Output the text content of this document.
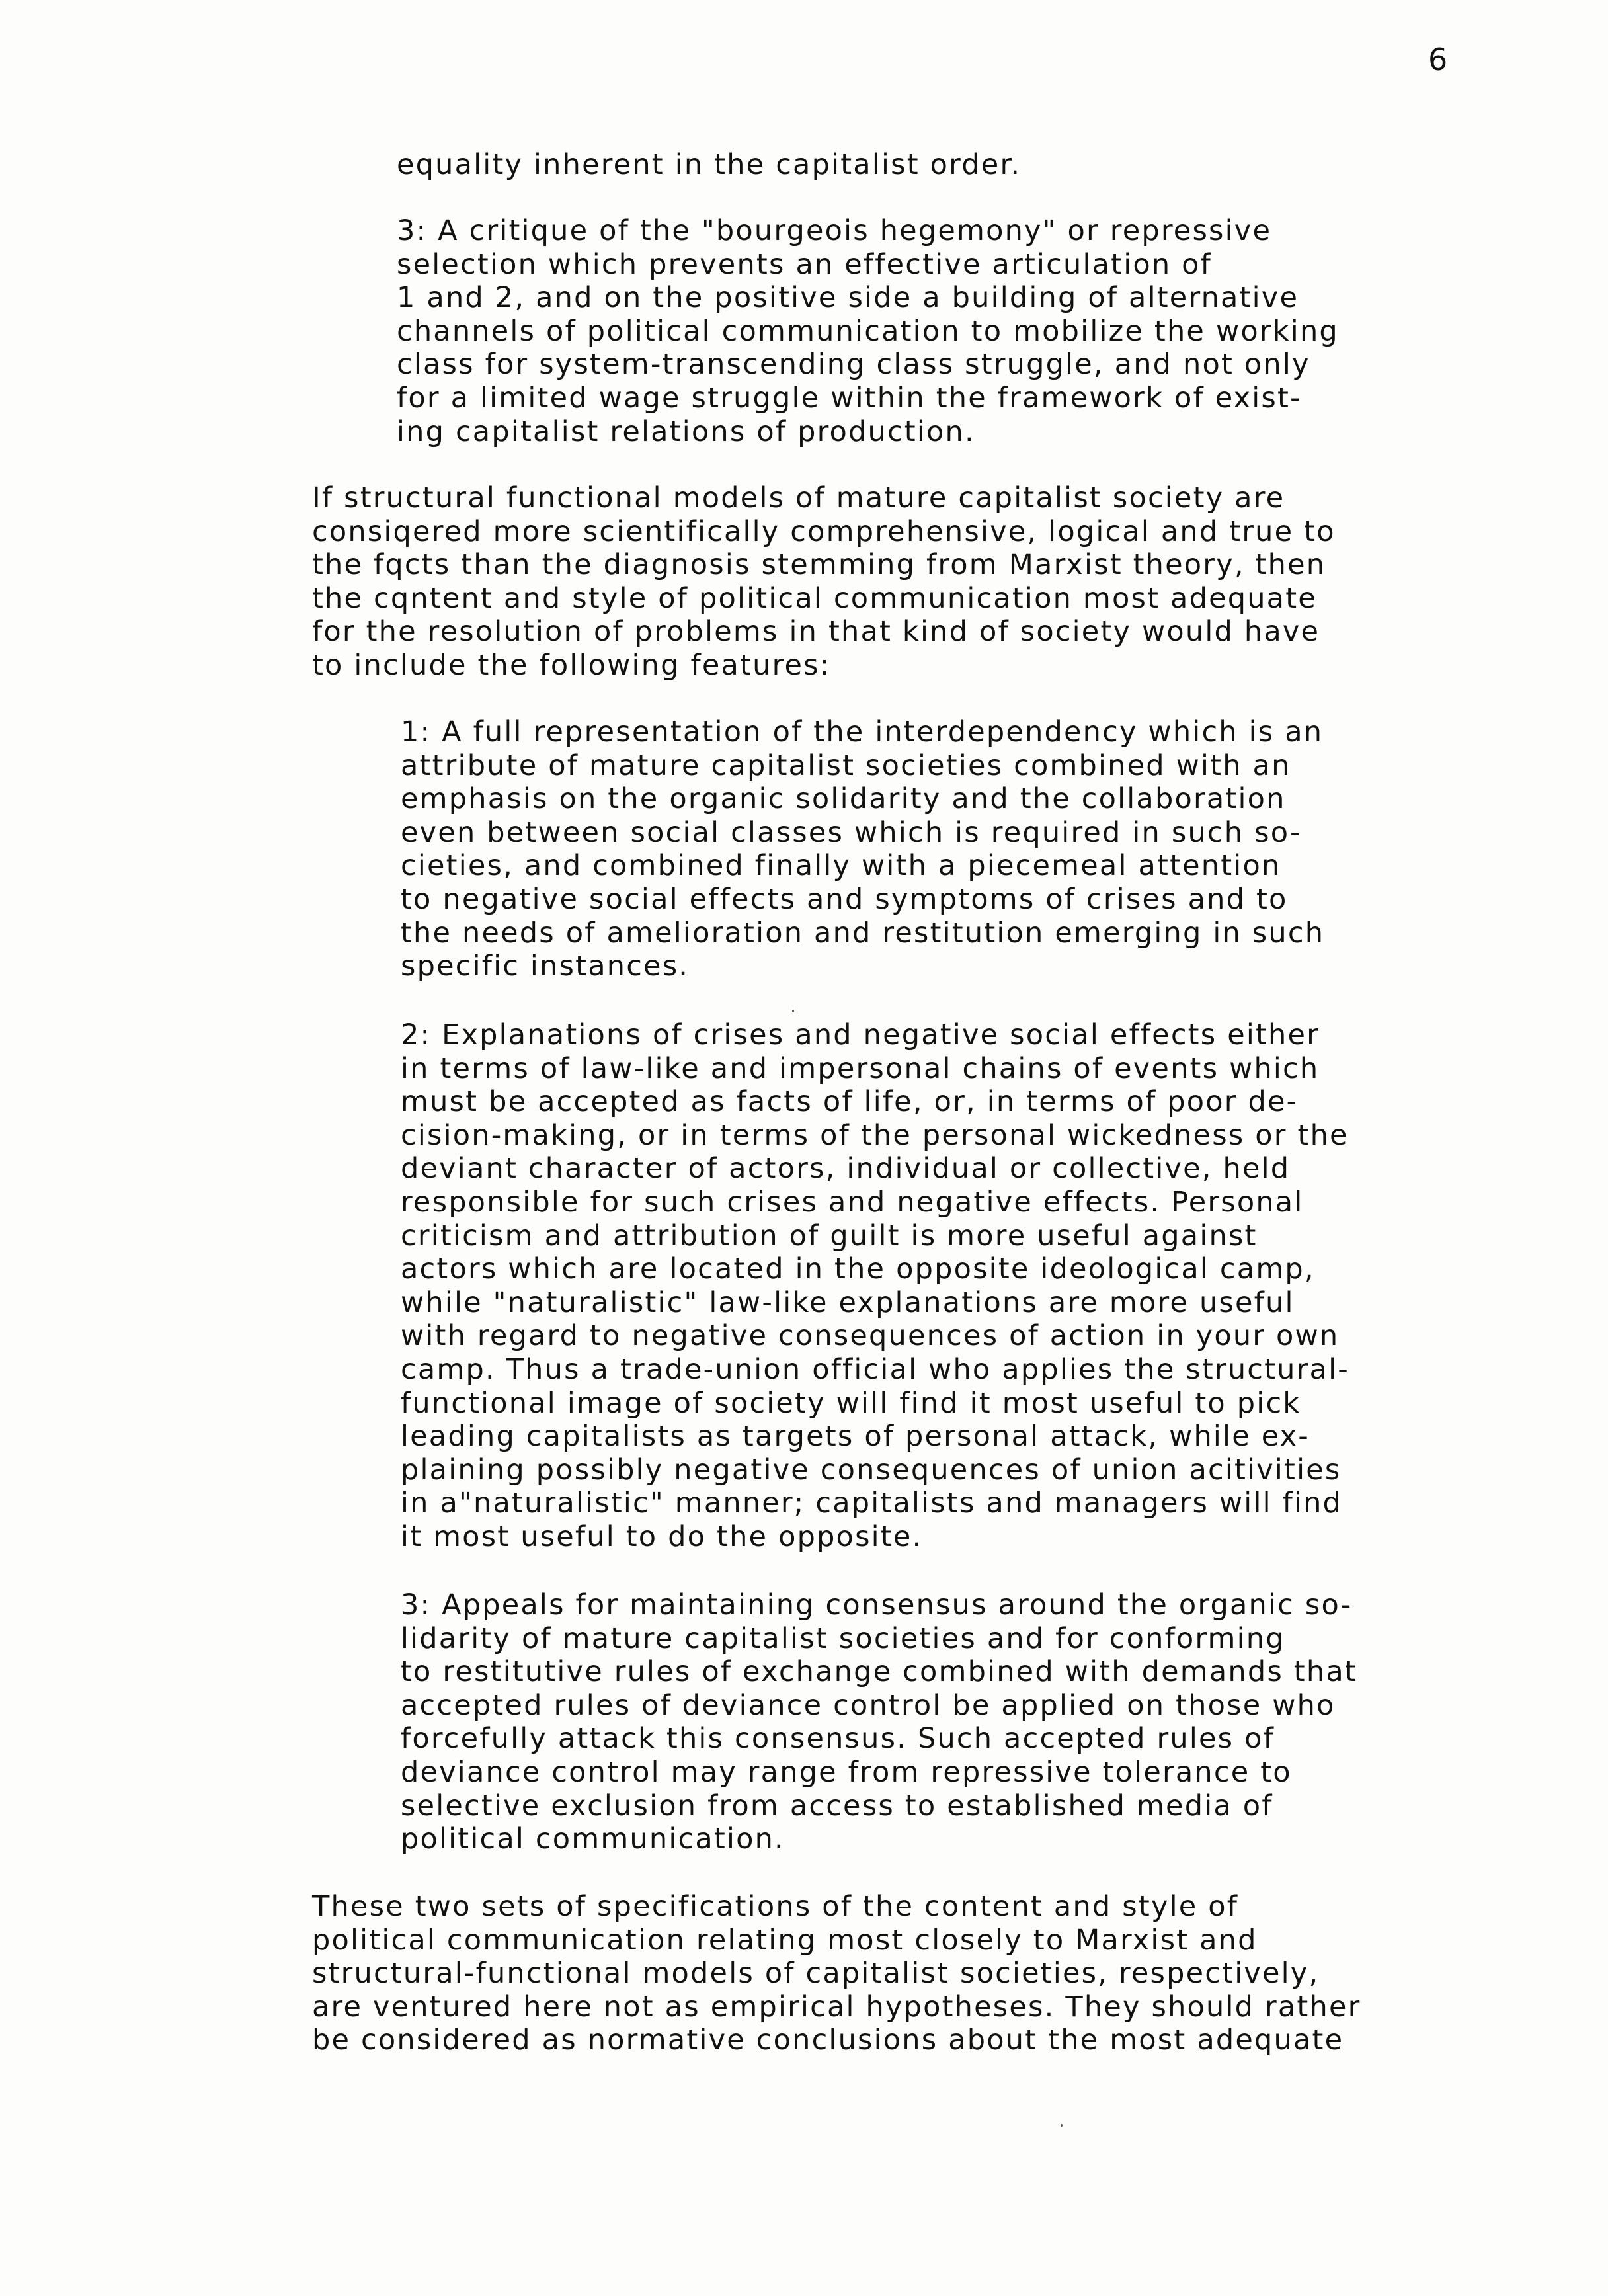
6

equality inherent in the capitalist order.

3: A critique of the "bourgeois hegemony" or repressive
selection which prevents an effective articulation of
1 and 2, and on the positive side a building of alternative
channels of political communication to mobilize the working
class for system-transcending class struggle, and not only
for a limited wage struggle within the framework of exist-
ing capitalist relations of production.

If structural functional models of mature capitalist society are
consiqered more scientifically comprehensive, logical and true to
the fqcts than the diagnosis stemming from Marxist theory, then
the cqntent and style of political communication most adequate
for the resolution of problems in that kind of society would have
to include the following features:

1: A full representation of the interdependency which is an
attribute of mature capitalist societies combined with an
emphasis on the organic solidarity and the collaboration
even between social classes which is required in such so-
cieties, and combined finally with a piecemeal attention
to negative social effects and symptoms of crises and to
the needs of amelioration and restitution emerging in such
specific instances.

2: Explanations of crises and negative social effects either
in terms of law-like and impersonal chains of events which
must be accepted as facts of life, or, in terms of poor de-
cision-making, or in terms of the personal wickedness or the
deviant character of actors, individual or collective, held
responsible for such crises and negative effects. Personal
criticism and attribution of guilt is more useful against
actors which are located in the opposite ideological camp,
while "naturalistic" law-like explanations are more useful
with regard to negative consequences of action in your own
camp. Thus a trade-union official who applies the structural-
functional image of society will find it most useful to pick
leading capitalists as targets of personal attack, while ex-
plaining possibly negative consequences of union acitivities
in a"naturalistic" manner; capitalists and managers will find
it most useful to do the opposite.

3: Appeals for maintaining consensus around the organic so-
lidarity of mature capitalist societies and for conforming
to restitutive rules of exchange combined with demands that
accepted rules of deviance control be applied on those who
forcefully attack this consensus. Such accepted rules of
deviance control may range from repressive tolerance to
selective exclusion from access to established media of
political communication.

These two sets of specifications of the content and style of
political communication relating most closely to Marxist and
structural-functional models of capitalist societies, respectively,
are ventured here not as empirical hypotheses. They should rather
be considered as normative conclusions about the most adequate
